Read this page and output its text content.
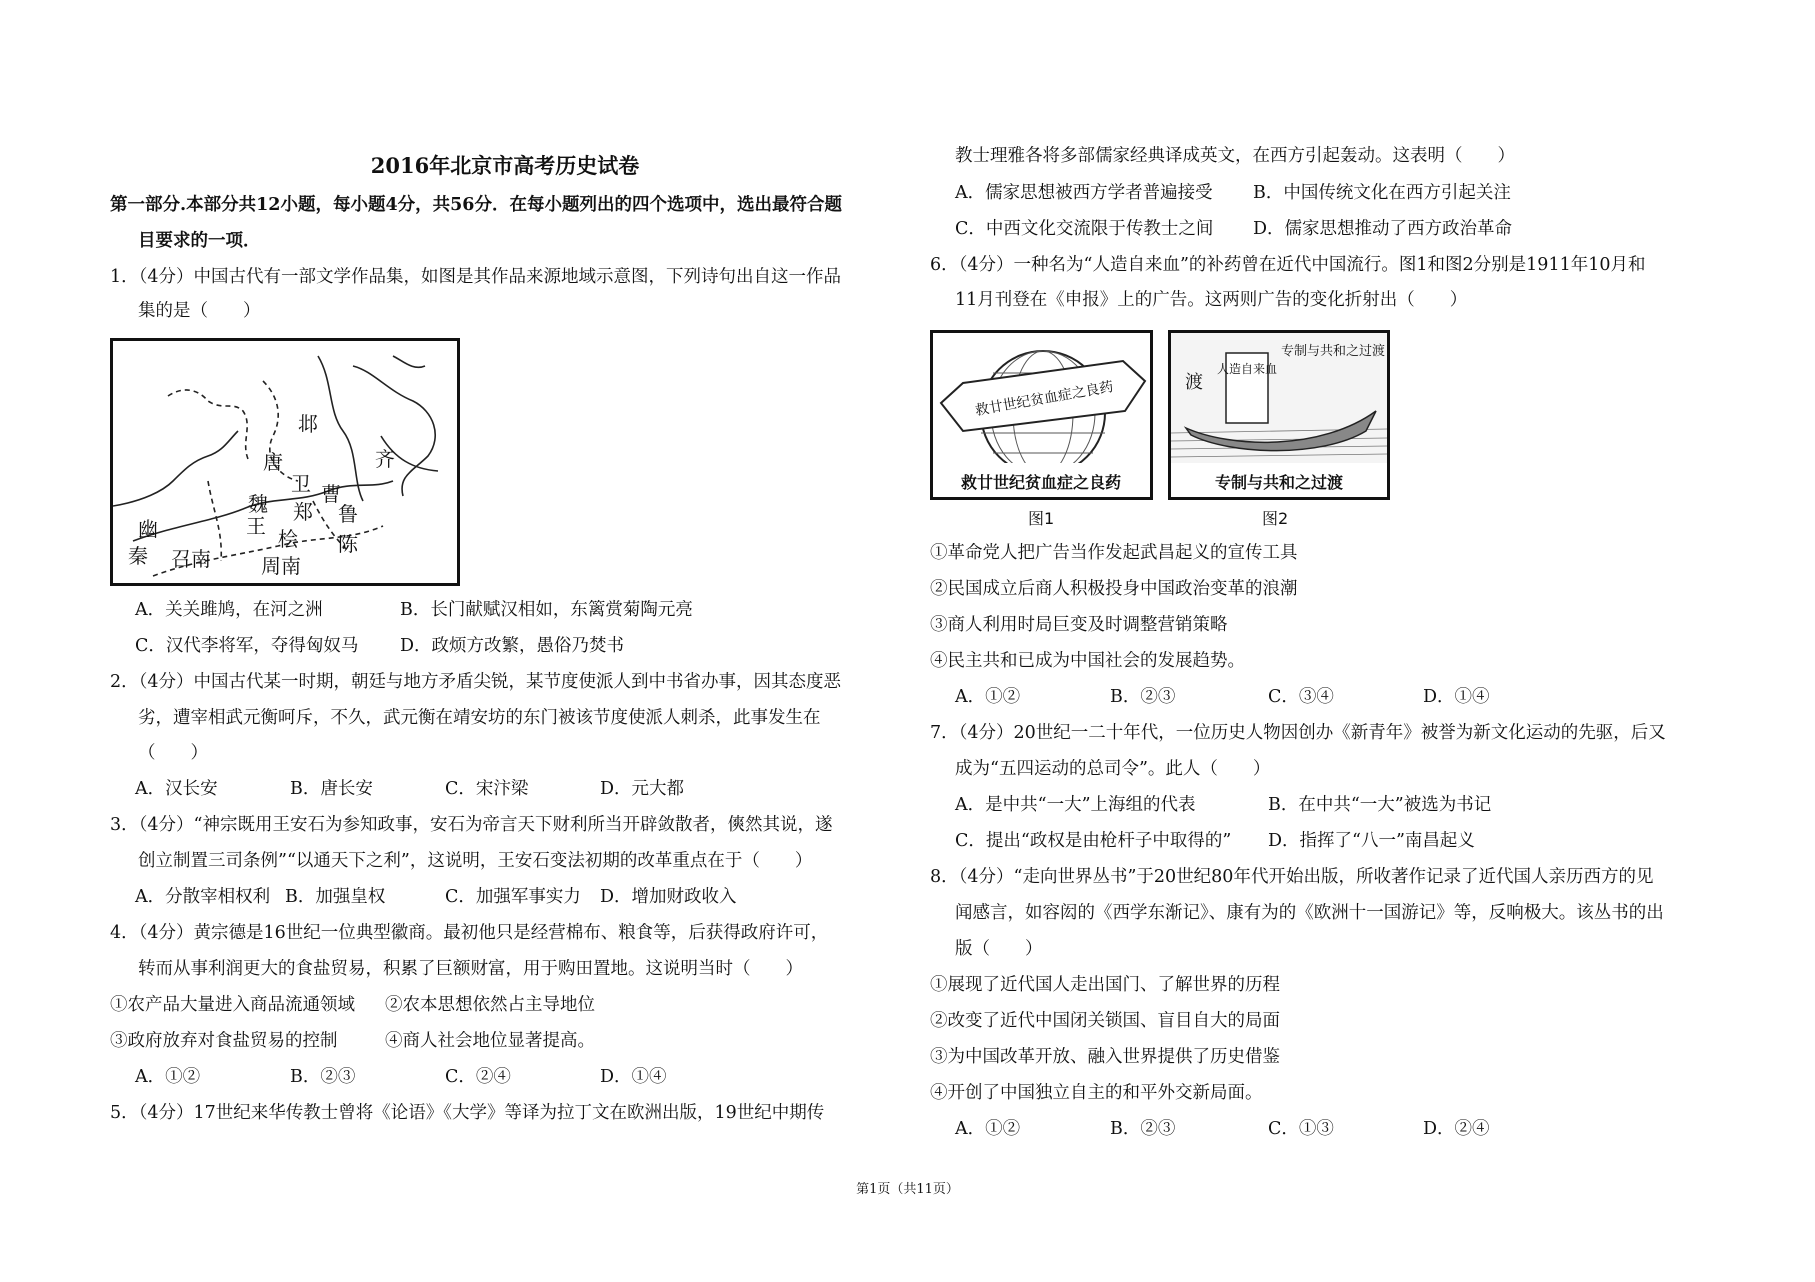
2016年北京市高考历史试卷
第一部分.本部分共12小题，每小题4分，共56分．在每小题列出的四个选项中，选出最符合题
目要求的一项．
1．（4分）中国古代有一部文学作品集，如图是其作品来源地域示意图，下列诗句出自这一作品
集的是（　　）
邶
齐
唐
卫 曹
魏 郑 鲁
幽	王
桧 陈
秦 召南	周南
A．关关雎鸠，在河之洲	B．长门献赋汉相如，东篱赏菊陶元亮
C．汉代李将军，夺得匈奴马 D．政烦方改繁，愚俗乃焚书
2．（4分）中国古代某一时期，朝廷与地方矛盾尖锐，某节度使派人到中书省办事，因其态度恶
劣，遭宰相武元衡呵斥，不久，武元衡在靖安坊的东门被该节度使派人刺杀，此事发生在
（　　）
A．汉长安	B．唐长安	C．宋汴梁	D．元大都
3．（4分）“神宗既用王安石为参知政事，安石为帝言天下财利所当开辟敛散者，傸然其说，遂
创立制置三司条例”“以通天下之利”，这说明，王安石变法初期的改革重点在于（　　）
A．分散宰相权利 B．加强皇权	C．加强军事实力 D．增加财政收入
4．（4分）黄宗德是16世纪一位典型徽商。最初他只是经营棉布、粮食等，后获得政府许可，
转而从事利润更大的食盐贸易，积累了巨额财富，用于购田置地。这说明当时（　　）
①农产品大量进入商品流通领域 ②农本思想依然占主导地位
③政府放弃对食盐贸易的控制	④商人社会地位显著提高。
A．①②	B．②③	C．②④	D．①④
5．（4分）17世纪来华传教士曾将《论语》《大学》等译为拉丁文在欧洲出版，19世纪中期传
教士理雅各将多部儒家经典译成英文，在西方引起轰动。这表明（　　）
A．儒家思想被西方学者普遍接受 B．中国传统文化在西方引起关注
C．中西文化交流限于传教士之间 D．儒家思想推动了西方政治革命
6．（4分）一种名为“人造自来血”的补药曾在近代中国流行。图1和图2分别是1911年10月和
11月刊登在《申报》上的广告。这两则广告的变化折射出（　　）
救廿世纪贫血症之良药
救廿世纪贫血症之良药
图1
人造自来血
专制与共和之过渡
渡
专制与共和之过渡
图2
①革命党人把广告当作发起武昌起义的宣传工具
②民国成立后商人积极投身中国政治变革的浪潮
③商人利用时局巨变及时调整营销策略
④民主共和已成为中国社会的发展趋势。
A．①②	B．②③	C．③④	D．①④
7．（4分）20世纪一二十年代，一位历史人物因创办《新青年》被誉为新文化运动的先驱，后又
成为“五四运动的总司令”。此人（　　）
A．是中共“一大”上海组的代表	B．在中共“一大”被选为书记
C．提出“政权是由枪杆子中取得的” D．指挥了“八一”南昌起义
8．（4分）“走向世界丛书”于20世纪80年代开始出版，所收著作记录了近代国人亲历西方的见
闻感言，如容闳的《西学东渐记》、康有为的《欧洲十一国游记》等，反响极大。该丛书的出
版（　　）
①展现了近代国人走出国门、了解世界的历程
②改变了近代中国闭关锁国、盲目自大的局面
③为中国改革开放、融入世界提供了历史借鉴
④开创了中国独立自主的和平外交新局面。
A．①②	B．②③	C．①③	D．②④
第1页（共11页）
